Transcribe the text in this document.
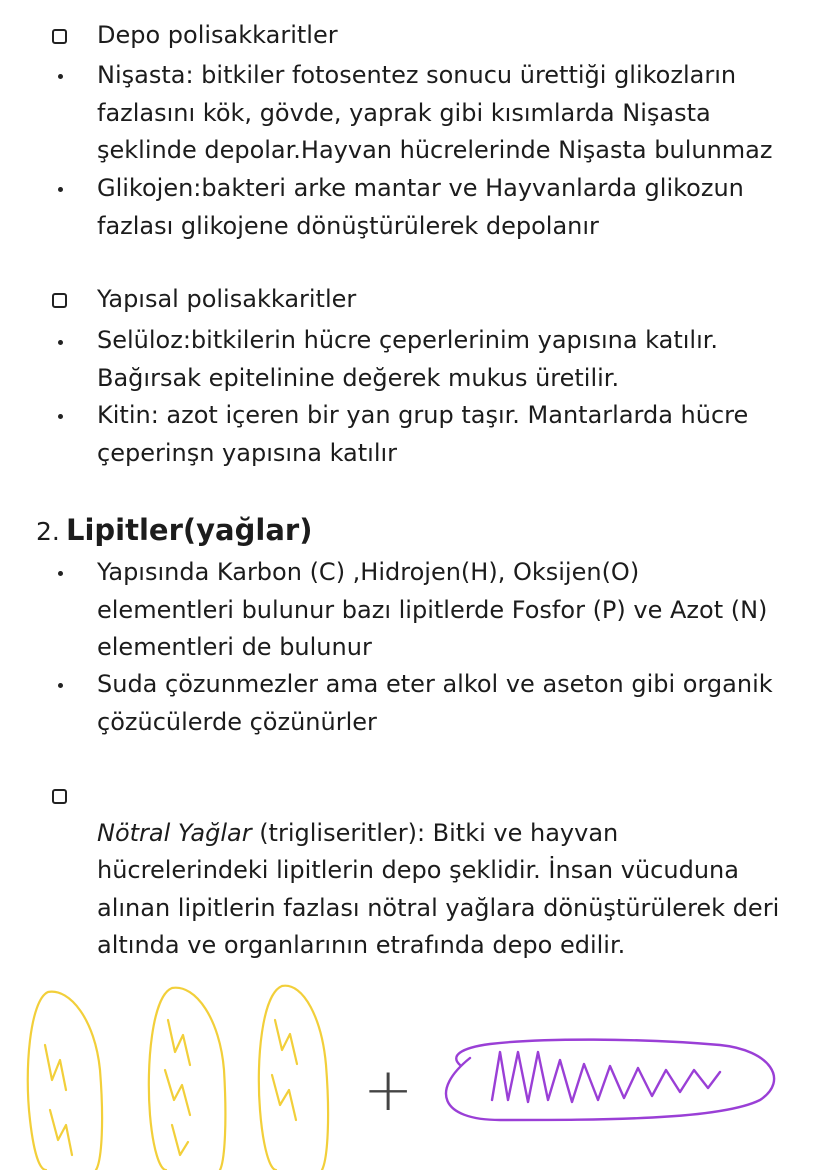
Depo polisakkaritler
Nişasta: bitkiler fotosentez sonucu ürettiği glikozların
fazlasını kök, gövde, yaprak gibi kısımlarda Nişasta
şeklinde depolar.Hayvan hücrelerinde Nişasta bulunmaz
Glikojen:bakteri arke mantar ve Hayvanlarda glikozun
fazlası glikojene dönüştürülerek depolanır
Yapısal polisakkaritler
Selüloz:bitkilerin hücre çeperlerinim yapısına katılır.
Bağırsak epitelinine değerek mukus üretilir.
Kitin: azot içeren bir yan grup taşır. Mantarlarda hücre
çeperinşn yapısına katılır
2. Lipitler(yağlar)
Yapısında Karbon (C) ,Hidrojen(H), Oksijen(O)
elementleri bulunur bazı lipitlerde Fosfor (P) ve Azot (N)
elementleri de bulunur
Suda çözunmezler ama eter alkol ve aseton gibi organik
çözücülerde çözünürler

Nötral Yağlar (trigliseritler): Bitki ve hayvan
hücrelerindeki lipitlerin depo şeklidir. İnsan vücuduna
alınan lipitlerin fazlası nötral yağlara dönüştürülerek deri
altında ve organlarının etrafında depo edilir.

+
